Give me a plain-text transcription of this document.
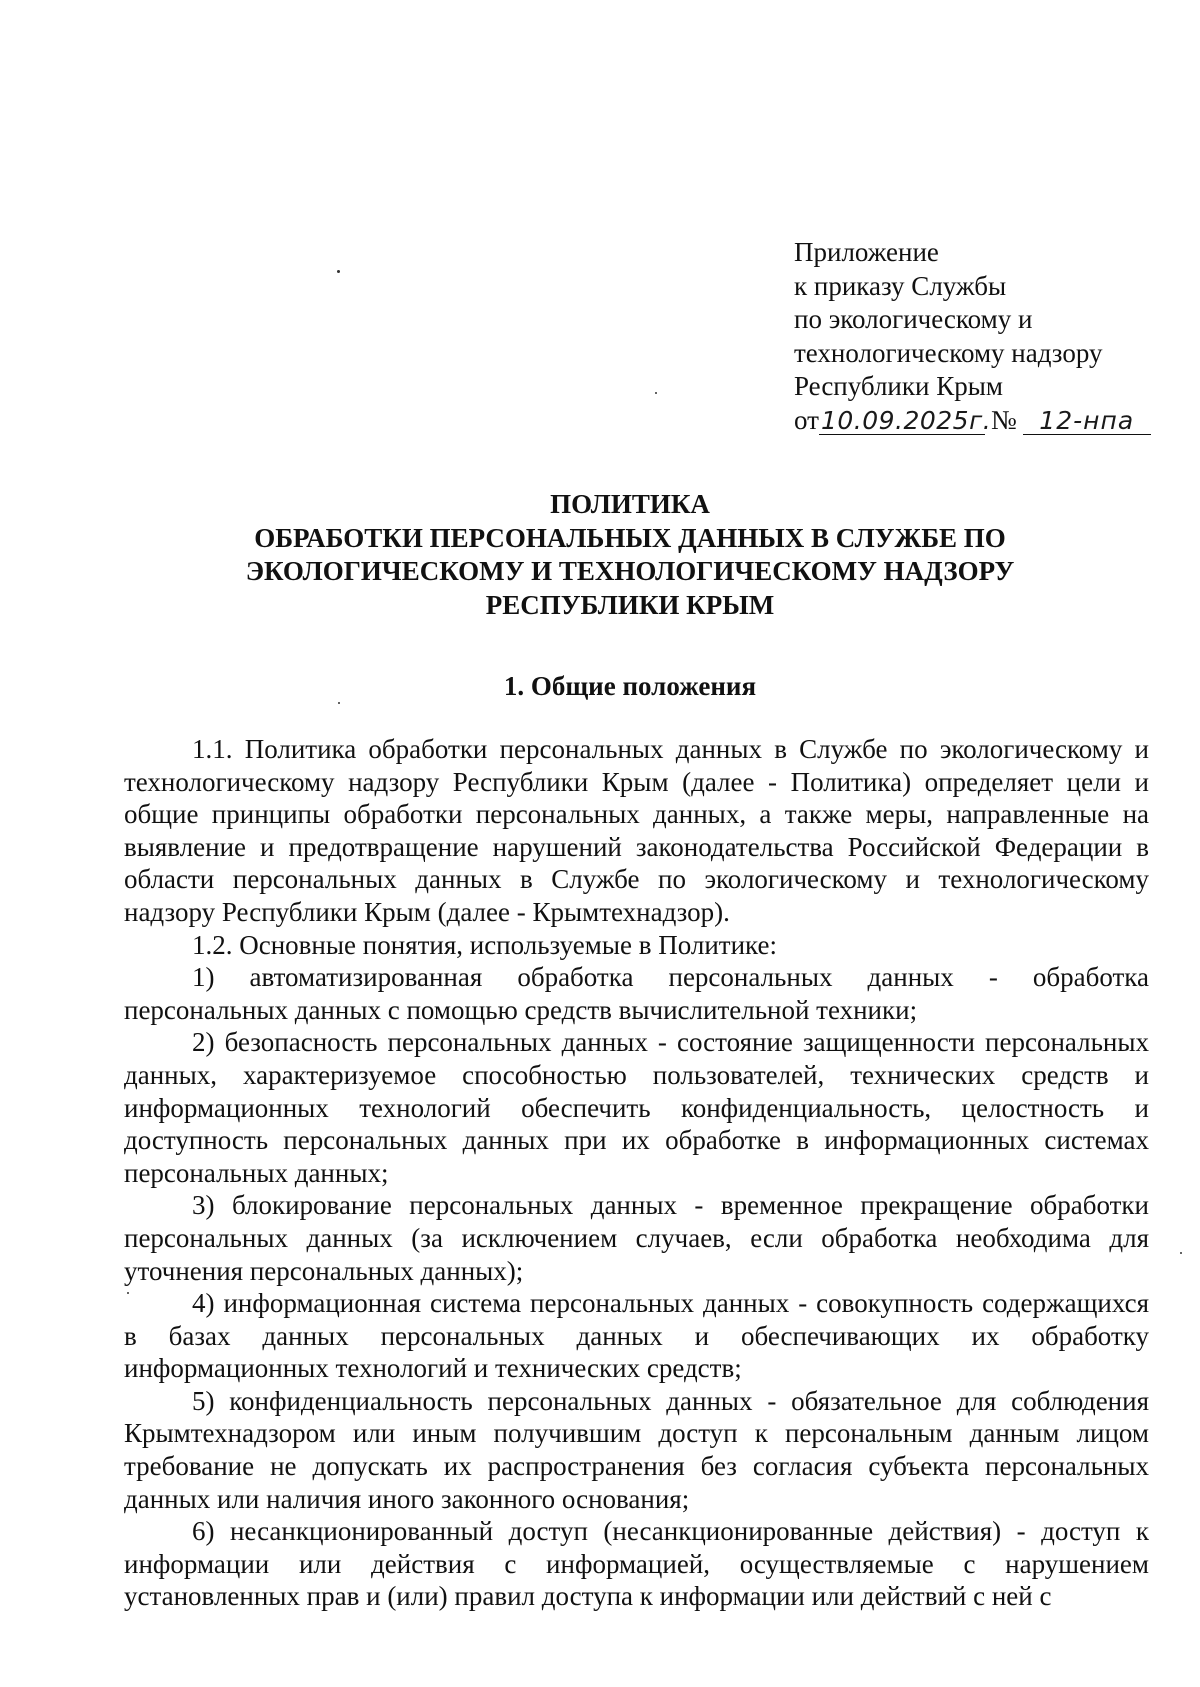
Приложение
к приказу Службы
по экологическому и
технологическому надзору
Республики Крым
от10.09.2025г.№ 12-нпа
ПОЛИТИКА
ОБРАБОТКИ ПЕРСОНАЛЬНЫХ ДАННЫХ В СЛУЖБЕ ПО
ЭКОЛОГИЧЕСКОМУ И ТЕХНОЛОГИЧЕСКОМУ НАДЗОРУ
РЕСПУБЛИКИ КРЫМ
1. Общие положения

1.1. Политика обработки персональных данных в Службе по экологическому и технологическому надзору Республики Крым (далее - Политика) определяет цели и общие принципы обработки персональных данных, а также меры, направленные на выявление и предотвращение нарушений законодательства Российской Федерации в области персональных данных в Службе по экологическому и технологическому надзору Республики Крым (далее - Крымтехнадзор).

1.2. Основные понятия, используемые в Политике:

1) автоматизированная обработка персональных данных - обработка персональных данных с помощью средств вычислительной техники;

2) безопасность персональных данных - состояние защищенности персональных данных, характеризуемое способностью пользователей, технических средств и информационных технологий обеспечить конфиденциальность, целостность и доступность персональных данных при их обработке в информационных системах персональных данных;

3) блокирование персональных данных - временное прекращение обработки персональных данных (за исключением случаев, если обработка необходима для уточнения персональных данных);

4) информационная система персональных данных - совокупность содержащихся в базах данных персональных данных и обеспечивающих их обработку информационных технологий и технических средств;

5) конфиденциальность персональных данных - обязательное для соблюдения Крымтехнадзором или иным получившим доступ к персональным данным лицом требование не допускать их распространения без согласия субъекта персональных данных или наличия иного законного основания;

6) несанкционированный доступ (несанкционированные действия) - доступ к информации или действия с информацией, осуществляемые с нарушением установленных прав и (или) правил доступа к информации или действий с ней с
